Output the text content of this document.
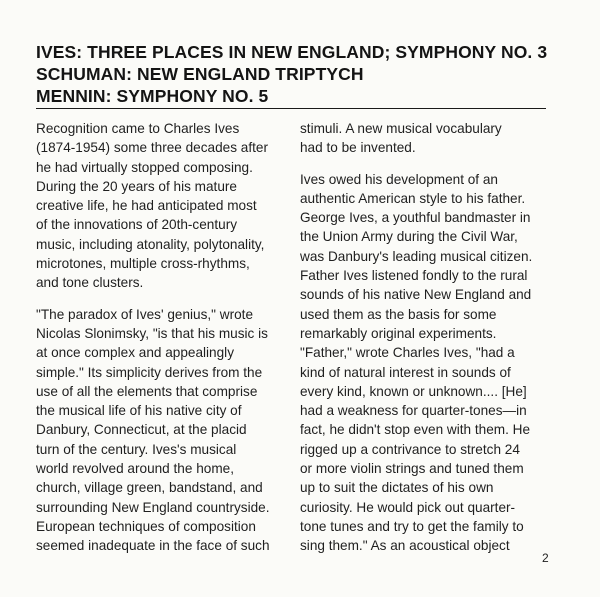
IVES: THREE PLACES IN NEW ENGLAND; SYMPHONY NO. 3
SCHUMAN: NEW ENGLAND TRIPTYCH
MENNIN: SYMPHONY NO. 5

Recognition came to Charles Ives
(1874-1954) some three decades after
he had virtually stopped composing.
During the 20 years of his mature
creative life, he had anticipated most
of the innovations of 20th-century
music, including atonality, polytonality,
microtones, multiple cross-rhythms,
and tone clusters.

"The paradox of Ives' genius," wrote
Nicolas Slonimsky, "is that his music is
at once complex and appealingly
simple." Its simplicity derives from the
use of all the elements that comprise
the musical life of his native city of
Danbury, Connecticut, at the placid
turn of the century. Ives's musical
world revolved around the home,
church, village green, bandstand, and
surrounding New England countryside.
European techniques of composition
seemed inadequate in the face of such

stimuli. A new musical vocabulary
had to be invented.

Ives owed his development of an
authentic American style to his father.
George Ives, a youthful bandmaster in
the Union Army during the Civil War,
was Danbury's leading musical citizen.
Father Ives listened fondly to the rural
sounds of his native New England and
used them as the basis for some
remarkably original experiments.
"Father," wrote Charles Ives, "had a
kind of natural interest in sounds of
every kind, known or unknown.... [He]
had a weakness for quarter-tones—in
fact, he didn't stop even with them. He
rigged up a contrivance to stretch 24
or more violin strings and tuned them
up to suit the dictates of his own
curiosity. He would pick out quarter-
tone tunes and try to get the family to
sing them." As an acoustical object

2
